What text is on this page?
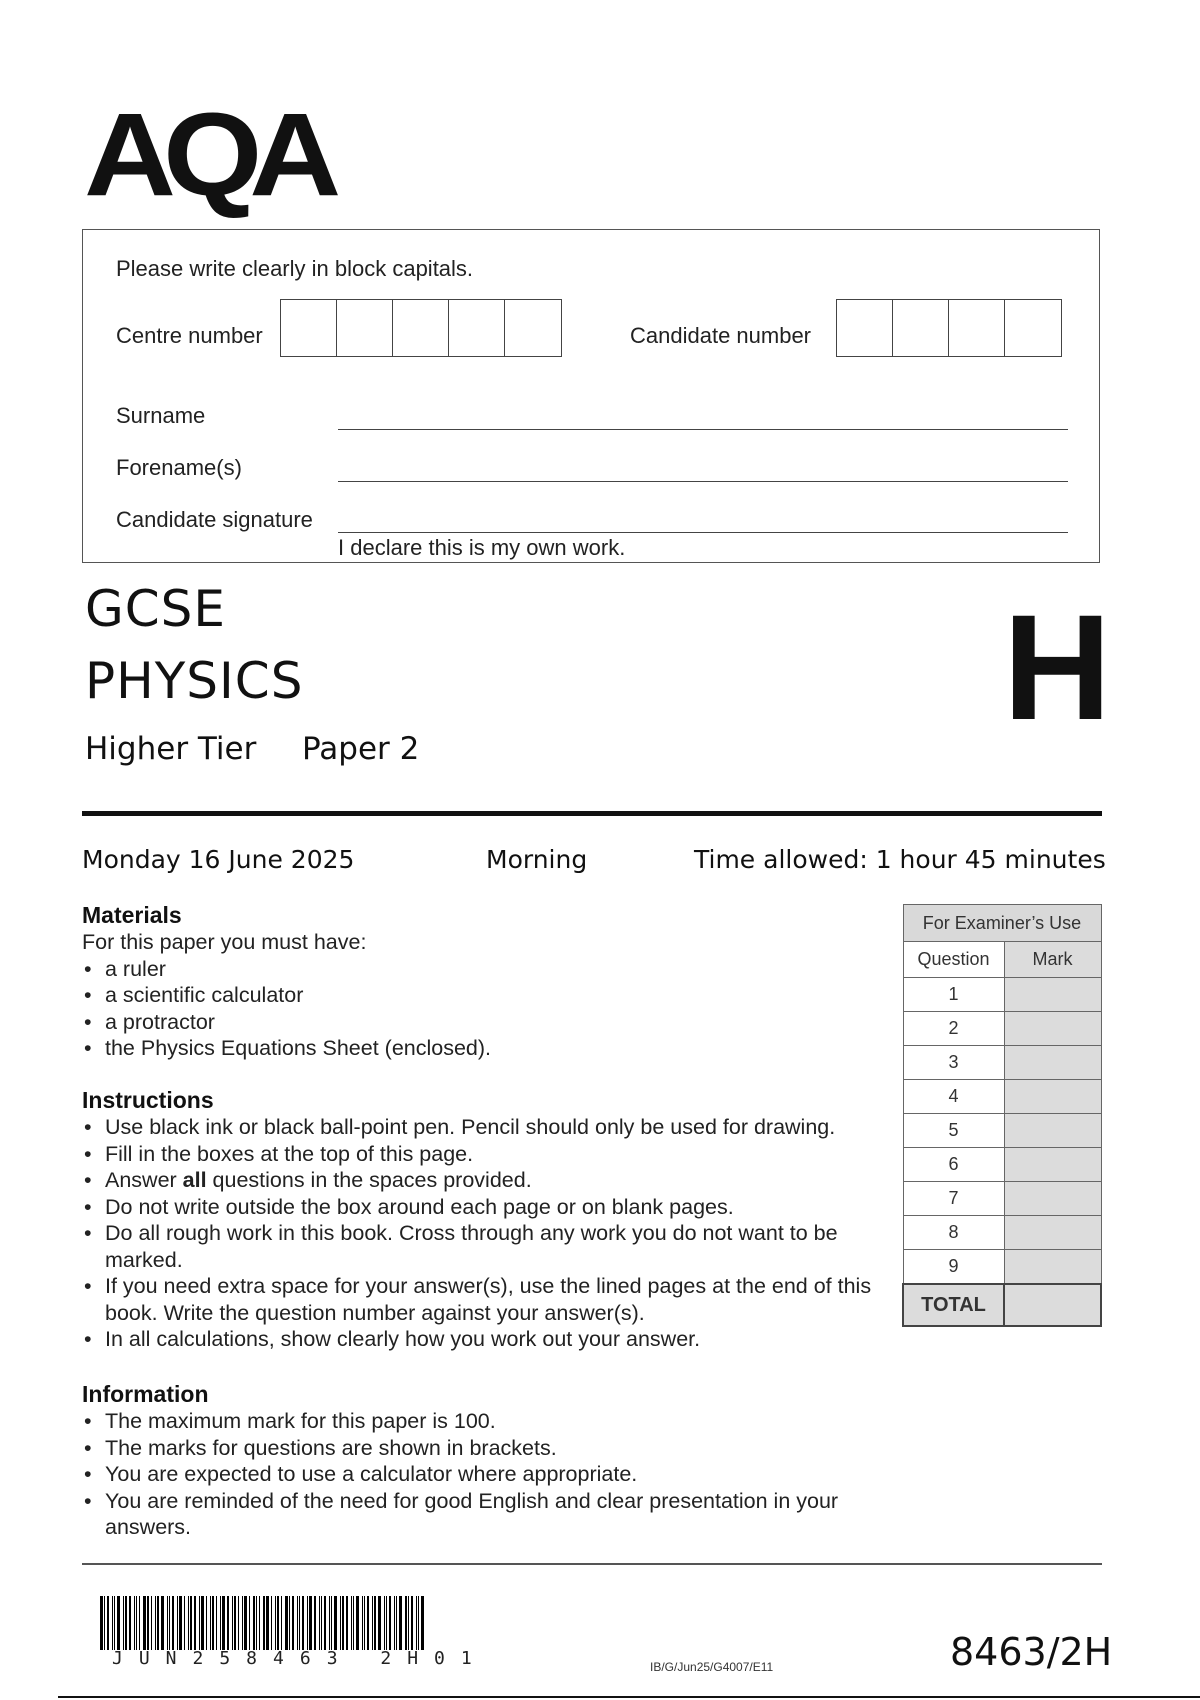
AQA
Please write clearly in block capitals.
Centre number	Candidate number
Surname
Forename(s)
Candidate signature
I declare this is my own work.
GCSE
PHYSICS
Higher Tier Paper 2	H
Monday 16 June 2025	Morning	Time allowed: 1 hour 45 minutes
Materials
For this paper you must have:
• a ruler
• a scientific calculator
• a protractor
• the Physics Equations Sheet (enclosed).
Instructions
• Use black ink or black ball-point pen. Pencil should only be used for drawing.
• Fill in the boxes at the top of this page.
• Answer all questions in the spaces provided.
• Do not write outside the box around each page or on blank pages.
• Do all rough work in this book. Cross through any work you do not want to be marked.
• If you need extra space for your answer(s), use the lined pages at the end of this book. Write the question number against your answer(s).
• In all calculations, show clearly how you work out your answer.
Information
• The maximum mark for this paper is 100.
• The marks for questions are shown in brackets.
• You are expected to use a calculator where appropriate.
• You are reminded of the need for good English and clear presentation in your answers.
For Examiner’s Use	
Question	Mark
1	
2	
3	
4	
5	
6	
7	
8	
9	
TOTAL	
JUN258463 2H01	IB/G/Jun25/G4007/E11	8463/2H
